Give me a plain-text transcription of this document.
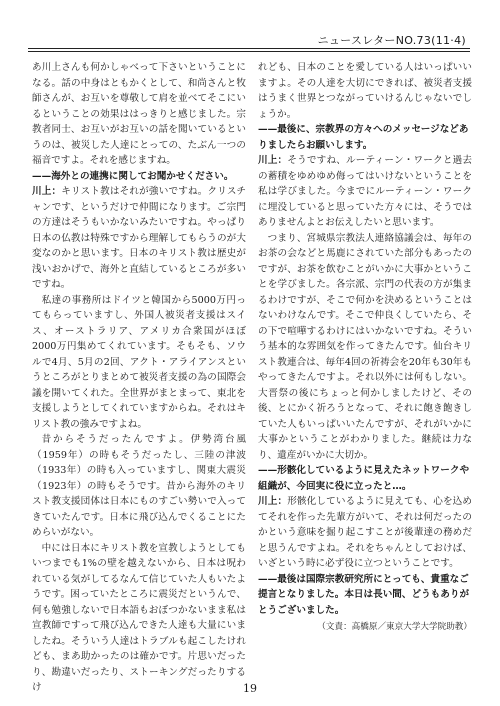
ニュースレターNO.73(11·4)

あ川上さんも何かしゃべって下さいということになる。話の中身はともかくとして、和尚さんと牧師さんが、お互いを尊敬して肩を並べてそこにいるということの効果ははっきりと感じました。宗教者同士、お互いがお互いの話を聞いているというのは、被災した人達にとっての、たぶん一つの福音ですよ。それを感じますね。

——海外との連携に関してお聞かせください。

川上：キリスト教はそれが強いですね。クリスチャンです、というだけで仲間になります。ご宗門の方達はそうもいかないみたいですね。やっぱり日本の仏教は特殊ですから理解してもらうのが大変なのかと思います。日本のキリスト教は歴史が浅いおかげで、海外と直結しているところが多いですね。

私達の事務所はドイツと韓国から5000万円ってもらっていますし、外国人被災者支援はスイス、オーストラリア、アメリカ合衆国がほぼ2000万円集めてくれています。そもそも、ソウルで4月、5月の2回、アクト・アライアンスというところがとりまとめて被災者支援の為の国際会議を開いてくれた。全世界がまとまって、東北を支援しようとしてくれていますからね。それはキリスト教の強みですよね。

昔からそうだったんですよ。伊勢湾台風（1959年）の時もそうだったし、三陸の津波（1933年）の時も入っていますし、関東大震災（1923年）の時もそうです。昔から海外のキリスト教支援団体は日本にものすごい勢いで入ってきていたんです。日本に飛び込んでくることにためらいがない。

中には日本にキリスト教を宣教しようとしてもいつまでも1%の壁を越えないから、日本は呪われている気がしてるなんて信じていた人もいたようです。困っていたところに震災だというんで、何も勉強しないで日本語もおぼつかないまま私は宣教師ですって飛び込んできた人達も大量にいましたね。そういう人達はトラブルも起こしたけれども、まあ助かったのは確かです。片思いだったり、勘違いだったり、ストーキングだったりするけ

れども、日本のことを愛している人はいっぱいいますよ。その人達を大切にできれば、被災者支援はうまく世界とつながっていけるんじゃないでしょうか。

——最後に、宗教界の方々へのメッセージなどありましたらお願いします。

川上：そうですね、ルーティーン・ワークと過去の蓄積をゆめゆめ侮ってはいけないということを私は学びました。今までにルーティーン・ワークに埋没していると思っていた方々には、そうではありませんよとお伝えしたいと思います。

つまり、宮城県宗教法人連絡協議会は、毎年のお茶の会などと馬鹿にされていた部分もあったのですが、お茶を飲むことがいかに大事かということを学びました。各宗派、宗門の代表の方が集まるわけですが、そこで何かを決めるということはないわけなんです。そこで仲良くしていたら、その下で喧嘩するわけにはいかないですね。そういう基本的な雰囲気を作ってきたんです。仙台キリスト教連合は、毎年4回の祈祷会を20年も30年もやってきたんですよ。それ以外には何もしない。大晋祭の後にちょっと何かしましたけど、その後、とにかく祈ろうとなって、それに飽き飽きしていた人もいっぱいいたんですが、それがいかに大事かということがわかりました。継続は力なり、遺産がいかに大切か。

——形骸化しているように見えたネットワークや組織が、今回実に役に立ったと…。

川上：形骸化しているように見えても、心を込めてそれを作った先輩方がいて、それは何だったのかという意味を掘り起こすことが後輩達の務めだと思うんですよね。それをちゃんとしておけば、いざという時に必ず役に立つということです。

——最後は国際宗教研究所にとっても、貴重なご提言となりました。本日は長い間、どうもありがとうございました。
（文責：高橋原／東京大学大学院助教）
19
